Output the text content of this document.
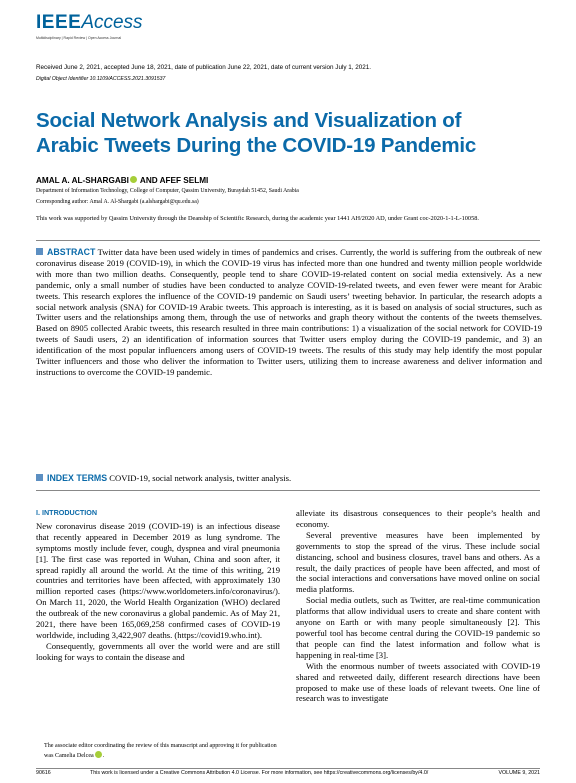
IEEEAccess
Multidisciplinary | Rapid Review | Open Access Journal
Received June 2, 2021, accepted June 18, 2021, date of publication June 22, 2021, date of current version July 1, 2021.
Digital Object Identifier 10.1109/ACCESS.2021.3091537
Social Network Analysis and Visualization of Arabic Tweets During the COVID-19 Pandemic
AMAL A. AL-SHARGABI AND AFEF SELMI
Department of Information Technology, College of Computer, Qassim University, Buraydah 51452, Saudi Arabia
Corresponding author: Amal A. Al-Shargabi (a.alshargabi@qu.edu.sa)
This work was supported by Qassim University through the Deanship of Scientific Research, during the academic year 1441 AH/2020 AD, under Grant coc-2020-1-1-L-10058.
ABSTRACT Twitter data have been used widely in times of pandemics and crises. Currently, the world is suffering from the outbreak of new coronavirus disease 2019 (COVID-19), in which the COVID-19 virus has infected more than one hundred and twenty million people worldwide with more than two million deaths. Consequently, people tend to share COVID-19-related content on social media extensively. As a new pandemic, only a small number of studies have been conducted to analyze COVID-19-related tweets, and even fewer were meant for Arabic tweets. This research explores the influence of the COVID-19 pandemic on Saudi users’ tweeting behavior. In particular, the research adopts a social network analysis (SNA) for COVID-19 Arabic tweets. This approach is interesting, as it is based on analysis of social structures, such as Twitter users and the relationships among them, through the use of networks and graph theory without the contents of the tweets themselves. Based on 8905 collected Arabic tweets, this research resulted in three main contributions: 1) a visualization of the social network for COVID-19 tweets of Saudi users, 2) an identification of information sources that Twitter users employ during the COVID-19 pandemic, and 3) an identification of the most popular influencers among users of COVID-19 tweets. The results of this study may help identify the most popular Twitter influencers and those who deliver the information to Twitter users, utilizing them to increase awareness and deliver information and instructions to overcome the COVID-19 pandemic.
INDEX TERMS COVID-19, social network analysis, twitter analysis.
I. INTRODUCTION

New coronavirus disease 2019 (COVID-19) is an infectious disease that recently appeared in December 2019 as lung syndrome. The symptoms mostly include fever, cough, dyspnea and viral pneumonia [1]. The first case was reported in Wuhan, China and soon after, it spread rapidly all around the world. At the time of this writing, 219 countries and territories have been affected, with approximately 130 million reported cases (https://www.worldometers.info/coronavirus/). On March 11, 2020, the World Health Organization (WHO) declared the outbreak of the new coronavirus a global pandemic. As of May 21, 2021, there have been 165,069,258 confirmed cases of COVID-19 worldwide, including 3,422,907 deaths. (https://covid19.who.int).

Consequently, governments all over the world were and are still looking for ways to contain the disease and

alleviate its disastrous consequences to their people’s health and economy.

Several preventive measures have been implemented by governments to stop the spread of the virus. These include social distancing, school and business closures, travel bans and others. As a result, the daily practices of people have been affected, and most of the social interactions and conversations have moved online on social media platforms.

Social media outlets, such as Twitter, are real-time communication platforms that allow individual users to create and share content with anyone on Earth or with many people simultaneously [2]. This powerful tool has become central during the COVID-19 pandemic so that people can find the latest information and follow what is happening in real-time [3].

With the enormous number of tweets associated with COVID-19 shared and retweeted daily, different research directions have been proposed to make use of these loads of relevant tweets. One line of research was to investigate

The associate editor coordinating the review of this manuscript and approving it for publication was Camelia Delcea .
90616	This work is licensed under a Creative Commons Attribution 4.0 License. For more information, see https://creativecommons.org/licenses/by/4.0/	VOLUME 9, 2021
